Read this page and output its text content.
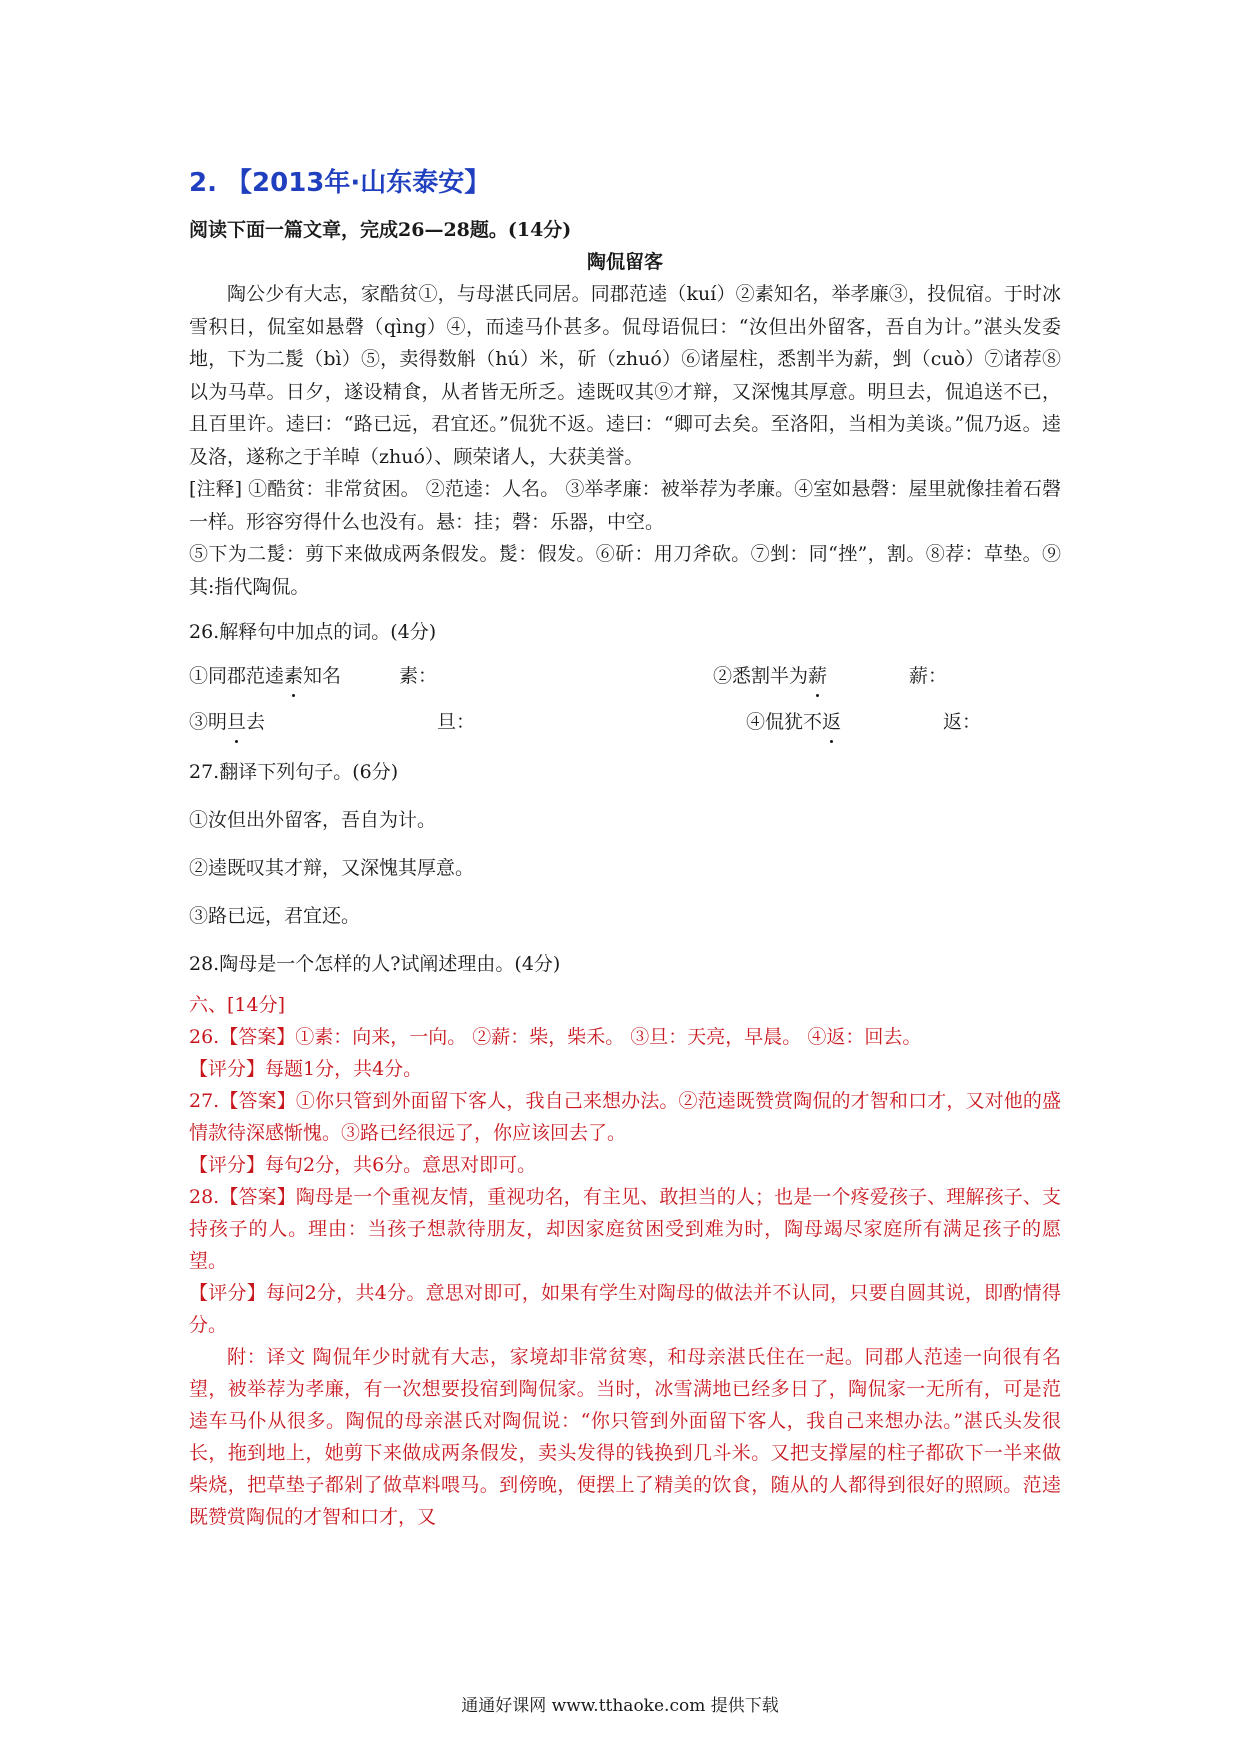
2. 【2013年·山东泰安】
阅读下面一篇文章，完成26—28题。(14分)
陶侃留客
陶公少有大志，家酷贫①，与母湛氏同居。同郡范逵（kuí）②素知名，举孝廉③，投侃宿。于时冰雪积日，侃室如悬磬（qìng）④，而逵马仆甚多。侃母语侃曰：“汝但出外留客，吾自为计。”湛头发委地，下为二髲（bì）⑤，卖得数斛（hú）米，斫（zhuó）⑥诸屋柱，悉割半为薪，剉（cuò）⑦诸荐⑧以为马草。日夕，遂设精食，从者皆无所乏。逵既叹其⑨才辩，又深愧其厚意。明旦去，侃追送不已，且百里许。逵曰：“路已远，君宜还。”侃犹不返。逵曰：“卿可去矣。至洛阳，当相为美谈。”侃乃返。逵及洛，遂称之于羊晫（zhuó）、顾荣诸人，大获美誉。
[注释] ①酷贫：非常贫困。 ②范逵：人名。 ③举孝廉：被举荐为孝廉。④室如悬磬：屋里就像挂着石磬一样。形容穷得什么也没有。悬：挂；磬：乐器，中空。
⑤下为二髲：剪下来做成两条假发。髲：假发。⑥斫：用刀斧砍。⑦剉：同“挫”，割。⑧荐：草垫。⑨其:指代陶侃。
26.解释句中加点的词。(4分)
①同郡范逵素知名	素：	②悉割半为薪	薪：
③明旦去	旦：	④侃犹不返	返：
27.翻译下列句子。(6分)
①汝但出外留客，吾自为计。
②逵既叹其才辩，又深愧其厚意。
③路已远，君宜还。
28.陶母是一个怎样的人?试阐述理由。(4分)
六、[14分]
26.【答案】①素：向来，一向。 ②薪：柴，柴禾。 ③旦：天亮，早晨。 ④返：回去。
【评分】每题1分，共4分。
27.【答案】①你只管到外面留下客人，我自己来想办法。②范逵既赞赏陶侃的才智和口才，又对他的盛情款待深感惭愧。③路已经很远了，你应该回去了。
【评分】每句2分，共6分。意思对即可。
28.【答案】陶母是一个重视友情，重视功名，有主见、敢担当的人；也是一个疼爱孩子、理解孩子、支持孩子的人。理由：当孩子想款待朋友，却因家庭贫困受到难为时，陶母竭尽家庭所有满足孩子的愿望。
【评分】每问2分，共4分。意思对即可，如果有学生对陶母的做法并不认同，只要自圆其说，即酌情得分。
附：译文 陶侃年少时就有大志，家境却非常贫寒，和母亲湛氏住在一起。同郡人范逵一向很有名望，被举荐为孝廉，有一次想要投宿到陶侃家。当时，冰雪满地已经多日了，陶侃家一无所有，可是范逵车马仆从很多。陶侃的母亲湛氏对陶侃说：“你只管到外面留下客人，我自己来想办法。”湛氏头发很长，拖到地上，她剪下来做成两条假发，卖头发得的钱换到几斗米。又把支撑屋的柱子都砍下一半来做柴烧，把草垫子都剁了做草料喂马。到傍晚，便摆上了精美的饮食，随从的人都得到很好的照顾。范逵既赞赏陶侃的才智和口才，又
通通好课网 www.tthaoke.com 提供下载
